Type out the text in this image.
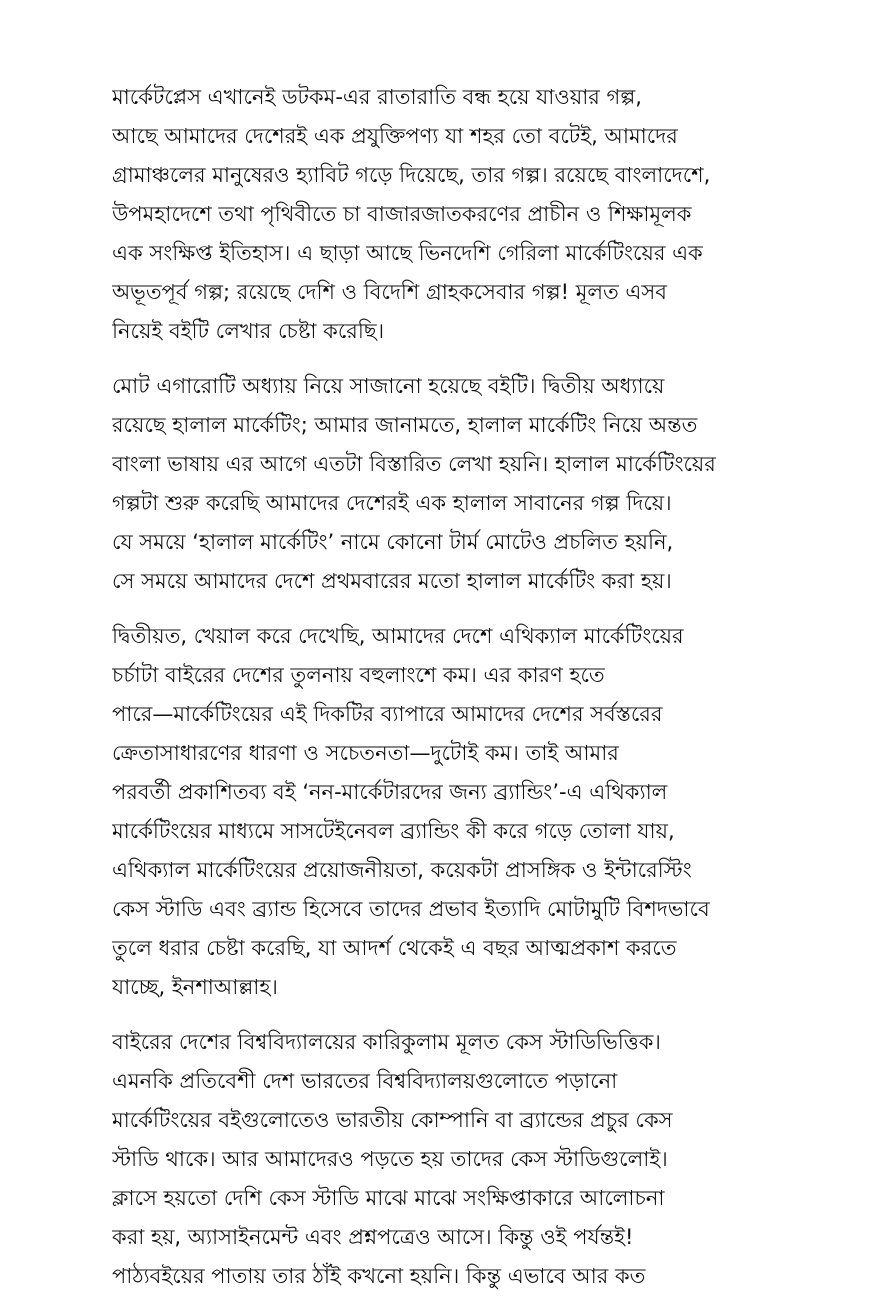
মার্কেটপ্লেস এখানেই ডটকম-এর রাতারাতি বন্ধ হয়ে যাওয়ার গল্প,
আছে আমাদের দেশেরই এক প্রযুক্তিপণ্য যা শহর তো বটেই, আমাদের
গ্রামাঞ্চলের মানুষেরও হ্যাবিট গড়ে দিয়েছে, তার গল্প। রয়েছে বাংলাদেশে,
উপমহাদেশে তথা পৃথিবীতে চা বাজারজাতকরণের প্রাচীন ও শিক্ষামূলক
এক সংক্ষিপ্ত ইতিহাস। এ ছাড়া আছে ভিনদেশি গেরিলা মার্কেটিংয়ের এক
অভূতপূর্ব গল্প; রয়েছে দেশি ও বিদেশি গ্রাহকসেবার গল্প! মূলত এসব
নিয়েই বইটি লেখার চেষ্টা করেছি।
মোট এগারোটি অধ্যায় নিয়ে সাজানো হয়েছে বইটি। দ্বিতীয় অধ্যায়ে
রয়েছে হালাল মার্কেটিং; আমার জানামতে, হালাল মার্কেটিং নিয়ে অন্তত
বাংলা ভাষায় এর আগে এতটা বিস্তারিত লেখা হয়নি। হালাল মার্কেটিংয়ের
গল্পটা শুরু করেছি আমাদের দেশেরই এক হালাল সাবানের গল্প দিয়ে।
যে সময়ে ‘হালাল মার্কেটিং’ নামে কোনো টার্ম মোটেও প্রচলিত হয়নি,
সে সময়ে আমাদের দেশে প্রথমবারের মতো হালাল মার্কেটিং করা হয়।
দ্বিতীয়ত, খেয়াল করে দেখেছি, আমাদের দেশে এথিক্যাল মার্কেটিংয়ের
চর্চাটা বাইরের দেশের তুলনায় বহুলাংশে কম। এর কারণ হতে
পারে—মার্কেটিংয়ের এই দিকটির ব্যাপারে আমাদের দেশের সর্বস্তরের
ক্রেতাসাধারণের ধারণা ও সচেতনতা—দুটোই কম। তাই আমার
পরবর্তী প্রকাশিতব্য বই ‘নন-মার্কেটারদের জন্য ব্র্যান্ডিং’-এ এথিক্যাল
মার্কেটিংয়ের মাধ্যমে সাসটেইনেবল ব্র্যান্ডিং কী করে গড়ে তোলা যায়,
এথিক্যাল মার্কেটিংয়ের প্রয়োজনীয়তা, কয়েকটা প্রাসঙ্গিক ও ইন্টারেস্টিং
কেস স্টাডি এবং ব্র্যান্ড হিসেবে তাদের প্রভাব ইত্যাদি মোটামুটি বিশদভাবে
তুলে ধরার চেষ্টা করেছি, যা আদর্শ থেকেই এ বছর আত্মপ্রকাশ করতে
যাচ্ছে, ইনশাআল্লাহ।
বাইরের দেশের বিশ্ববিদ্যালয়ের কারিকুলাম মূলত কেস স্টাডিভিত্তিক।
এমনকি প্রতিবেশী দেশ ভারতের বিশ্ববিদ্যালয়গুলোতে পড়ানো
মার্কেটিংয়ের বইগুলোতেও ভারতীয় কোম্পানি বা ব্র্যান্ডের প্রচুর কেস
স্টাডি থাকে। আর আমাদেরও পড়তে হয় তাদের কেস স্টাডিগুলোই।
ক্লাসে হয়তো দেশি কেস স্টাডি মাঝে মাঝে সংক্ষিপ্তাকারে আলোচনা
করা হয়, অ্যাসাইনমেন্ট এবং প্রশ্নপত্রেও আসে। কিন্তু ওই পর্যন্তই!
পাঠ্যবইয়ের পাতায় তার ঠাঁই কখনো হয়নি। কিন্তু এভাবে আর কত
